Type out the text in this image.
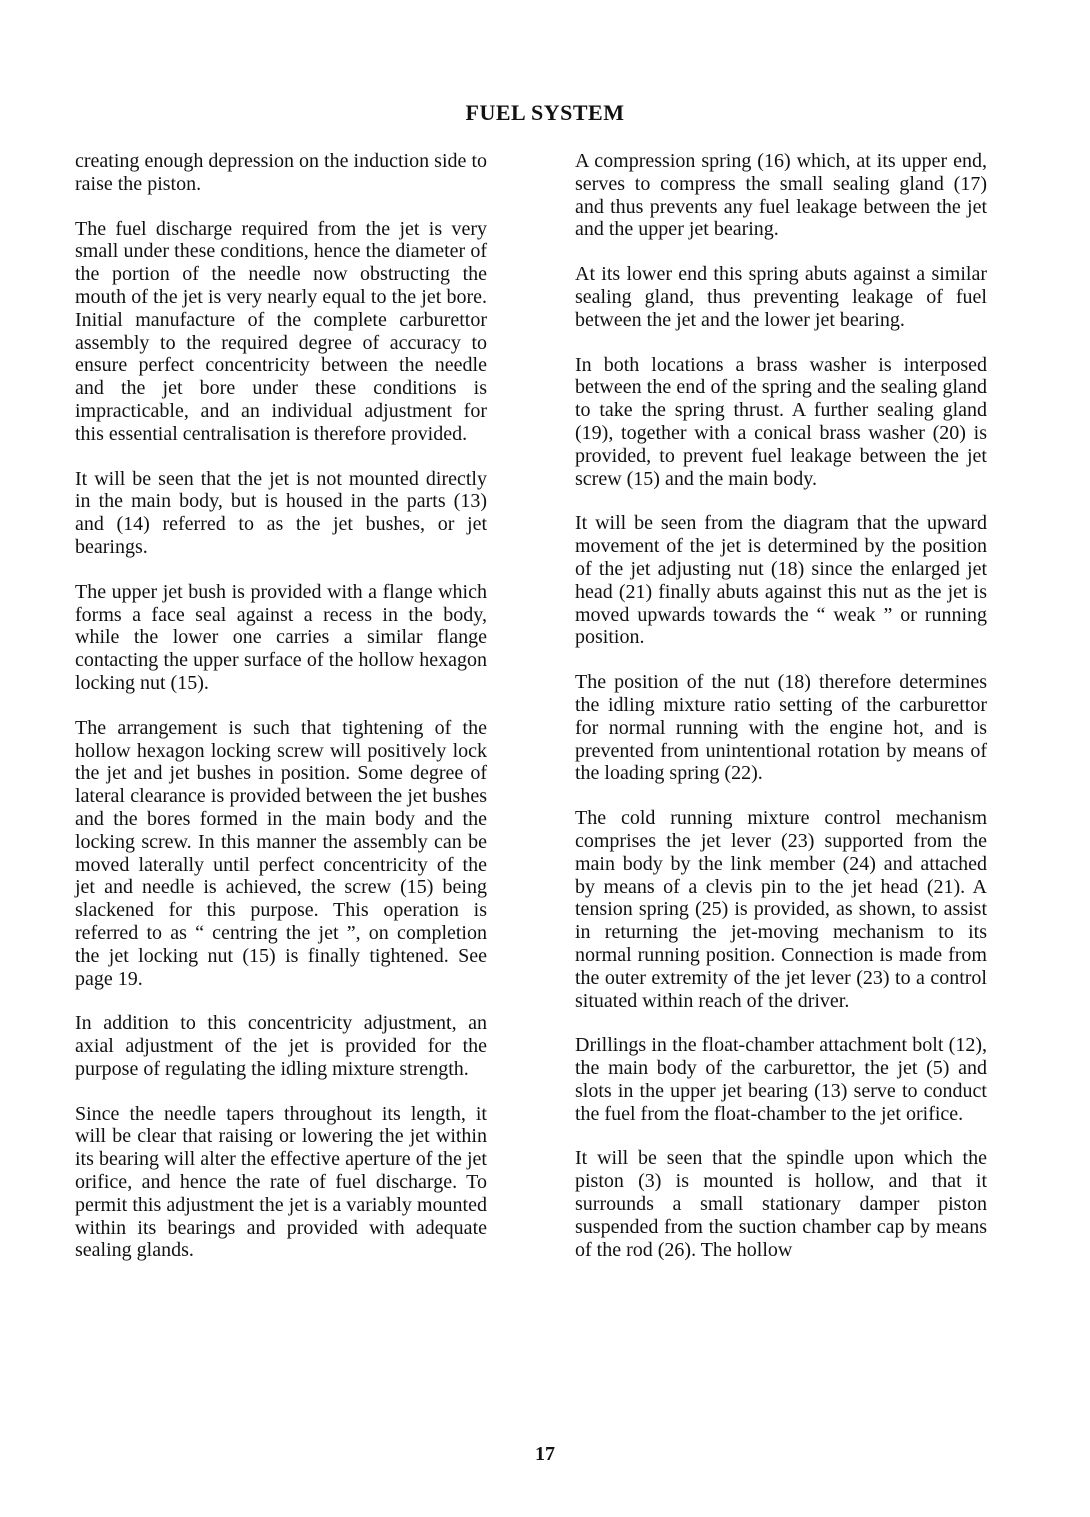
FUEL SYSTEM

creating enough depression on the induction side to raise the piston.

The fuel discharge required from the jet is very small under these conditions, hence the diameter of the portion of the needle now obstructing the mouth of the jet is very nearly equal to the jet bore. Initial manufacture of the complete carburettor assembly to the required degree of accuracy to ensure perfect concentricity between the needle and the jet bore under these conditions is impracticable, and an individual adjustment for this essential centralisation is therefore provided.

It will be seen that the jet is not mounted directly in the main body, but is housed in the parts (13) and (14) referred to as the jet bushes, or jet bearings.

The upper jet bush is provided with a flange which forms a face seal against a recess in the body, while the lower one carries a similar flange contacting the upper surface of the hollow hexagon locking nut (15).

The arrangement is such that tightening of the hollow hexagon locking screw will positively lock the jet and jet bushes in position. Some degree of lateral clearance is provided between the jet bushes and the bores formed in the main body and the locking screw. In this manner the assembly can be moved laterally until perfect concentricity of the jet and needle is achieved, the screw (15) being slackened for this purpose. This operation is referred to as “ centring the jet ”, on completion the jet locking nut (15) is finally tightened. See page 19.

In addition to this concentricity adjustment, an axial adjustment of the jet is provided for the purpose of regulating the idling mixture strength.

Since the needle tapers throughout its length, it will be clear that raising or lowering the jet within its bearing will alter the effective aperture of the jet orifice, and hence the rate of fuel discharge. To permit this adjustment the jet is a variably mounted within its bearings and provided with adequate sealing glands.

A compression spring (16) which, at its upper end, serves to compress the small sealing gland (17) and thus prevents any fuel leakage between the jet and the upper jet bearing.

At its lower end this spring abuts against a similar sealing gland, thus preventing leakage of fuel between the jet and the lower jet bearing.

In both locations a brass washer is interposed between the end of the spring and the sealing gland to take the spring thrust. A further sealing gland (19), together with a conical brass washer (20) is provided, to prevent fuel leakage between the jet screw (15) and the main body.

It will be seen from the diagram that the upward movement of the jet is determined by the position of the jet adjusting nut (18) since the enlarged jet head (21) finally abuts against this nut as the jet is moved upwards towards the “ weak ” or running position.

The position of the nut (18) therefore determines the idling mixture ratio setting of the carburettor for normal running with the engine hot, and is prevented from unintentional rotation by means of the loading spring (22).

The cold running mixture control mechanism comprises the jet lever (23) supported from the main body by the link member (24) and attached by means of a clevis pin to the jet head (21). A tension spring (25) is provided, as shown, to assist in returning the jet-moving mechanism to its normal running position. Connection is made from the outer extremity of the jet lever (23) to a control situated within reach of the driver.

Drillings in the float-chamber attachment bolt (12), the main body of the carburettor, the jet (5) and slots in the upper jet bearing (13) serve to conduct the fuel from the float-chamber to the jet orifice.

It will be seen that the spindle upon which the piston (3) is mounted is hollow, and that it surrounds a small stationary damper piston suspended from the suction chamber cap by means of the rod (26). The hollow

17
